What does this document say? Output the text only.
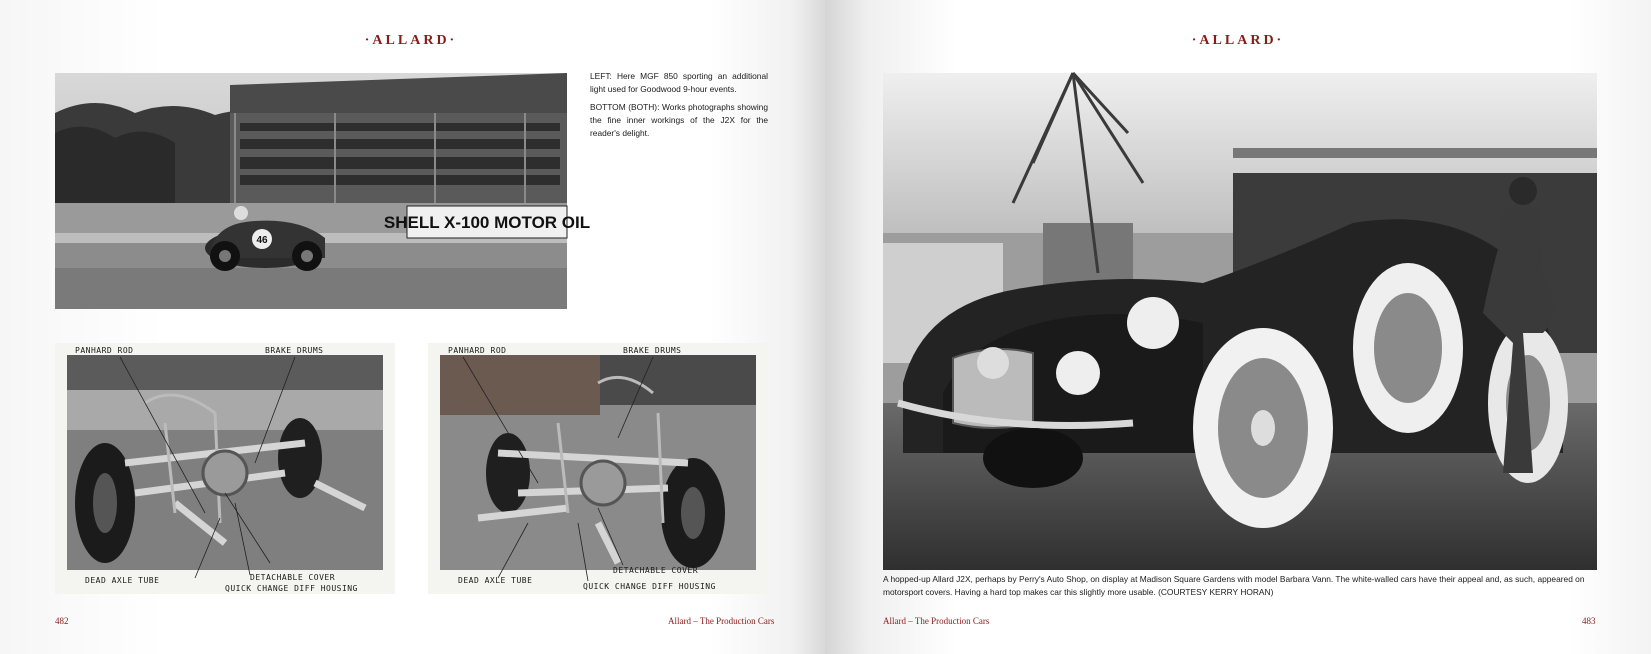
·ALLARD·
SHELL X-100 MOTOR OIL
46

LEFT: Here MGF 850 sporting an additional light used for Goodwood 9-hour events.

BOTTOM (BOTH): Works photographs showing the fine inner workings of the J2X for the reader's delight.

PANHARD ROD	BRAKE DRUMS
DEAD AXLE TUBE	DETACHABLE COVER
QUICK CHANGE DIFF HOUSING
PANHARD ROD	BRAKE DRUMS
DEAD AXLE TUBE
DETACHABLE COVER
QUICK CHANGE DIFF HOUSING
482	Allard – The Production Cars
·ALLARD·
A hopped-up Allard J2X, perhaps by Perry's Auto Shop, on display at Madison Square Gardens with model Barbara Vann. The white-walled cars have their appeal and, as such, appeared on motorsport covers. Having a hard top makes car this slightly more usable. (COURTESY KERRY HORAN)
Allard – The Production Cars	483
